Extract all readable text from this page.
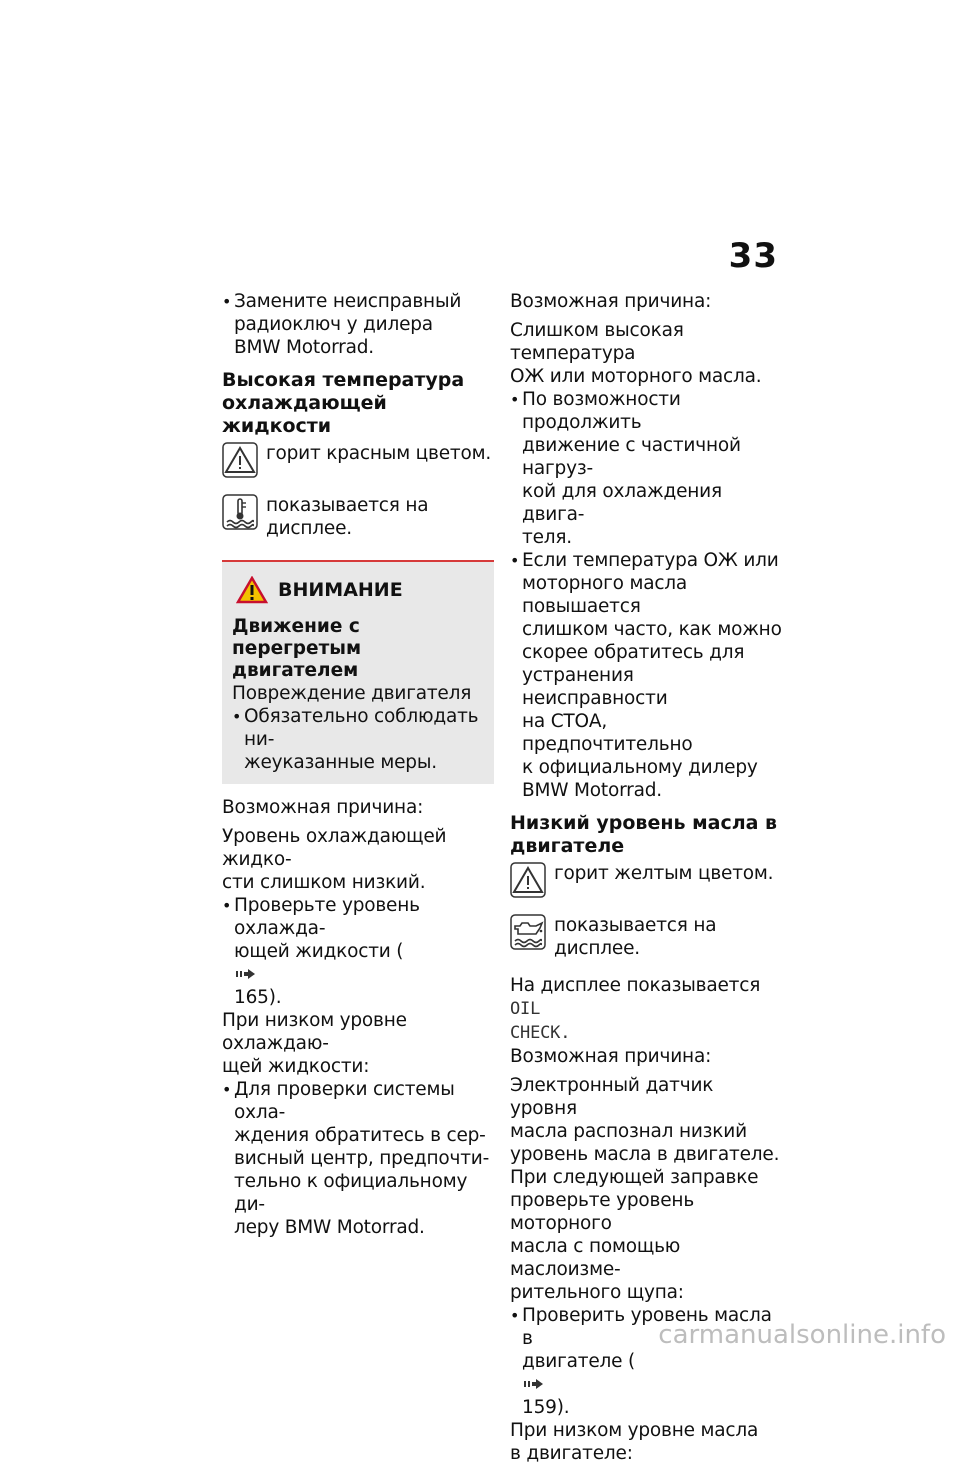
33
• Замените неисправный
радиоключ у дилера
BMW Motorrad.
Высокая температура
охлаждающей жидкости

горит красным цветом.

показывается на дисплее.

ВНИМАНИЕ
Движение с перегретым
двигателем

Повреждение двигателя

• Обязательно соблюдать ни-
жеуказанные меры.

Возможная причина:

Уровень охлаждающей жидко-
сти слишком низкий.

• Проверьте уровень охлажда-
ющей жидкости (
165).

При низком уровне охлаждаю-
щей жидкости:

• Для проверки системы охла-
ждения обратитесь в сер-
висный центр, предпочти-
тельно к официальному ди-
леру BMW Motorrad.

Возможная причина:

Слишком высокая температура
ОЖ или моторного масла.

• По возможности продолжить
движение с частичной нагруз-
кой для охлаждения двига-
теля.
• Если температура ОЖ или
моторного масла повышается
слишком часто, как можно
скорее обратитесь для
устранения неисправности
на СТОА, предпочтительно
к официальному дилеру
BMW Motorrad.
Низкий уровень масла в
двигателе

горит желтым цветом.

показывается на дисплее.

На дисплее показывается OIL
CHECK.

Возможная причина:

Электронный датчик уровня
масла распознал низкий
уровень масла в двигателе.

При следующей заправке
проверьте уровень моторного
масла с помощью маслоизме-
рительного щупа:

• Проверить уровень масла в
двигателе (
159).

При низком уровне масла
в двигателе:

carmanualsonline.info
